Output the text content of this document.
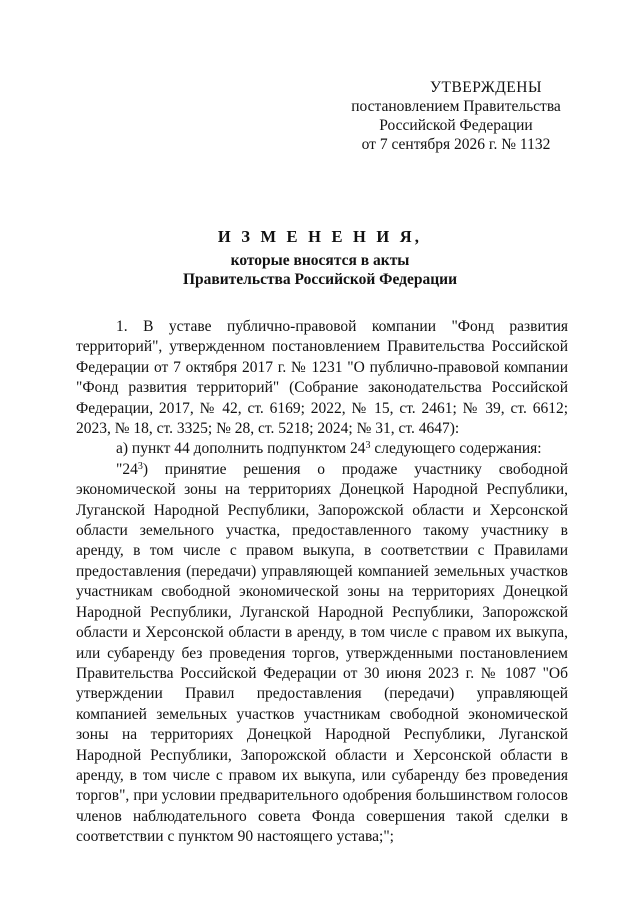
УТВЕРЖДЕНЫ
постановлением Правительства
Российской Федерации
от 7 сентября 2026 г. № 1132
И З М Е Н Е Н И Я,
которые вносятся в акты
Правительства Российской Федерации

1. В уставе публично-правовой компании "Фонд развития территорий", утвержденном постановлением Правительства Российской Федерации от 7 октября 2017 г. № 1231 "О публично-правовой компании "Фонд развития территорий" (Собрание законодательства Российской Федерации, 2017, № 42, ст. 6169; 2022, № 15, ст. 2461; № 39, ст. 6612; 2023, № 18, ст. 3325; № 28, ст. 5218; 2024; № 31, ст. 4647):

а) пункт 44 дополнить подпунктом $24^3$ следующего содержания:

"$24^3$) принятие решения о продаже участнику свободной экономической зоны на территориях Донецкой Народной Республики, Луганской Народной Республики, Запорожской области и Херсонской области земельного участка, предоставленного такому участнику в аренду, в том числе с правом выкупа, в соответствии с Правилами предоставления (передачи) управляющей компанией земельных участков участникам свободной экономической зоны на территориях Донецкой Народной Республики, Луганской Народной Республики, Запорожской области и Херсонской области в аренду, в том числе с правом их выкупа, или субаренду без проведения торгов, утвержденными постановлением Правительства Российской Федерации от 30 июня 2023 г. № 1087 "Об утверждении Правил предоставления (передачи) управляющей компанией земельных участков участникам свободной экономической зоны на территориях Донецкой Народной Республики, Луганской Народной Республики, Запорожской области и Херсонской области в аренду, в том числе с правом их выкупа, или субаренду без проведения торгов", при условии предварительного одобрения большинством голосов членов наблюдательного совета Фонда совершения такой сделки в соответствии с пунктом 90 настоящего устава;";
